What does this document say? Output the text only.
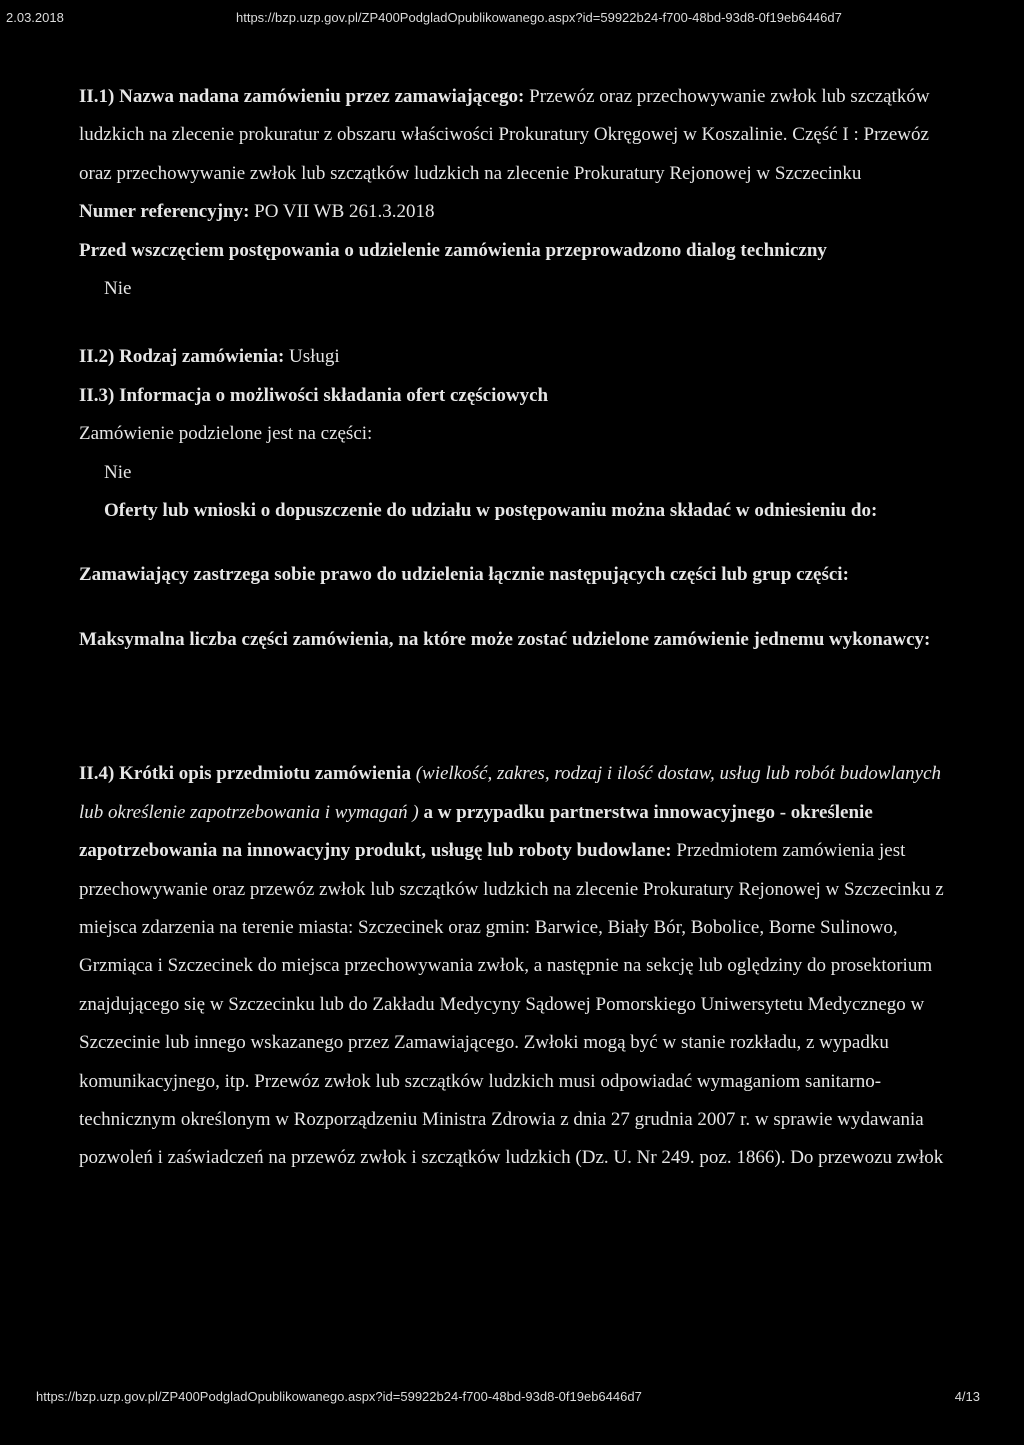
2.03.2018	https://bzp.uzp.gov.pl/ZP400PodgladOpublikowanego.aspx?id=59922b24-f700-48bd-93d8-0f19eb6446d7

II.1) Nazwa nadana zamówieniu przez zamawiającego: Przewóz oraz przechowywanie zwłok lub szczątków ludzkich na zlecenie prokuratur z obszaru właściwości Prokuratury Okręgowej w Koszalinie. Część I : Przewóz oraz przechowywanie zwłok lub szczątków ludzkich na zlecenie Prokuratury Rejonowej w Szczecinku

Numer referencyjny: PO VII WB 261.3.2018

Przed wszczęciem postępowania o udzielenie zamówienia przeprowadzono dialog techniczny

Nie

II.2) Rodzaj zamówienia: Usługi

II.3) Informacja o możliwości składania ofert częściowych

Zamówienie podzielone jest na części:

Nie

Oferty lub wnioski o dopuszczenie do udziału w postępowaniu można składać w odniesieniu do:

Zamawiający zastrzega sobie prawo do udzielenia łącznie następujących części lub grup części:

Maksymalna liczba części zamówienia, na które może zostać udzielone zamówienie jednemu wykonawcy:

II.4) Krótki opis przedmiotu zamówienia (wielkość, zakres, rodzaj i ilość dostaw, usług lub robót budowlanych lub określenie zapotrzebowania i wymagań ) a w przypadku partnerstwa innowacyjnego - określenie zapotrzebowania na innowacyjny produkt, usługę lub roboty budowlane: Przedmiotem zamówienia jest przechowywanie oraz przewóz zwłok lub szczątków ludzkich na zlecenie Prokuratury Rejonowej w Szczecinku z miejsca zdarzenia na terenie miasta: Szczecinek oraz gmin: Barwice, Biały Bór, Bobolice, Borne Sulinowo, Grzmiąca i Szczecinek do miejsca przechowywania zwłok, a następnie na sekcję lub oględziny do prosektorium znajdującego się w Szczecinku lub do Zakładu Medycyny Sądowej Pomorskiego Uniwersytetu Medycznego w Szczecinie lub innego wskazanego przez Zamawiającego. Zwłoki mogą być w stanie rozkładu, z wypadku komunikacyjnego, itp. Przewóz zwłok lub szczątków ludzkich musi odpowiadać wymaganiom sanitarno-technicznym określonym w Rozporządzeniu Ministra Zdrowia z dnia 27 grudnia 2007 r. w sprawie wydawania pozwoleń i zaświadczeń na przewóz zwłok i szczątków ludzkich (Dz. U. Nr 249. poz. 1866). Do przewozu zwłok

https://bzp.uzp.gov.pl/ZP400PodgladOpublikowanego.aspx?id=59922b24-f700-48bd-93d8-0f19eb6446d7	4/13
